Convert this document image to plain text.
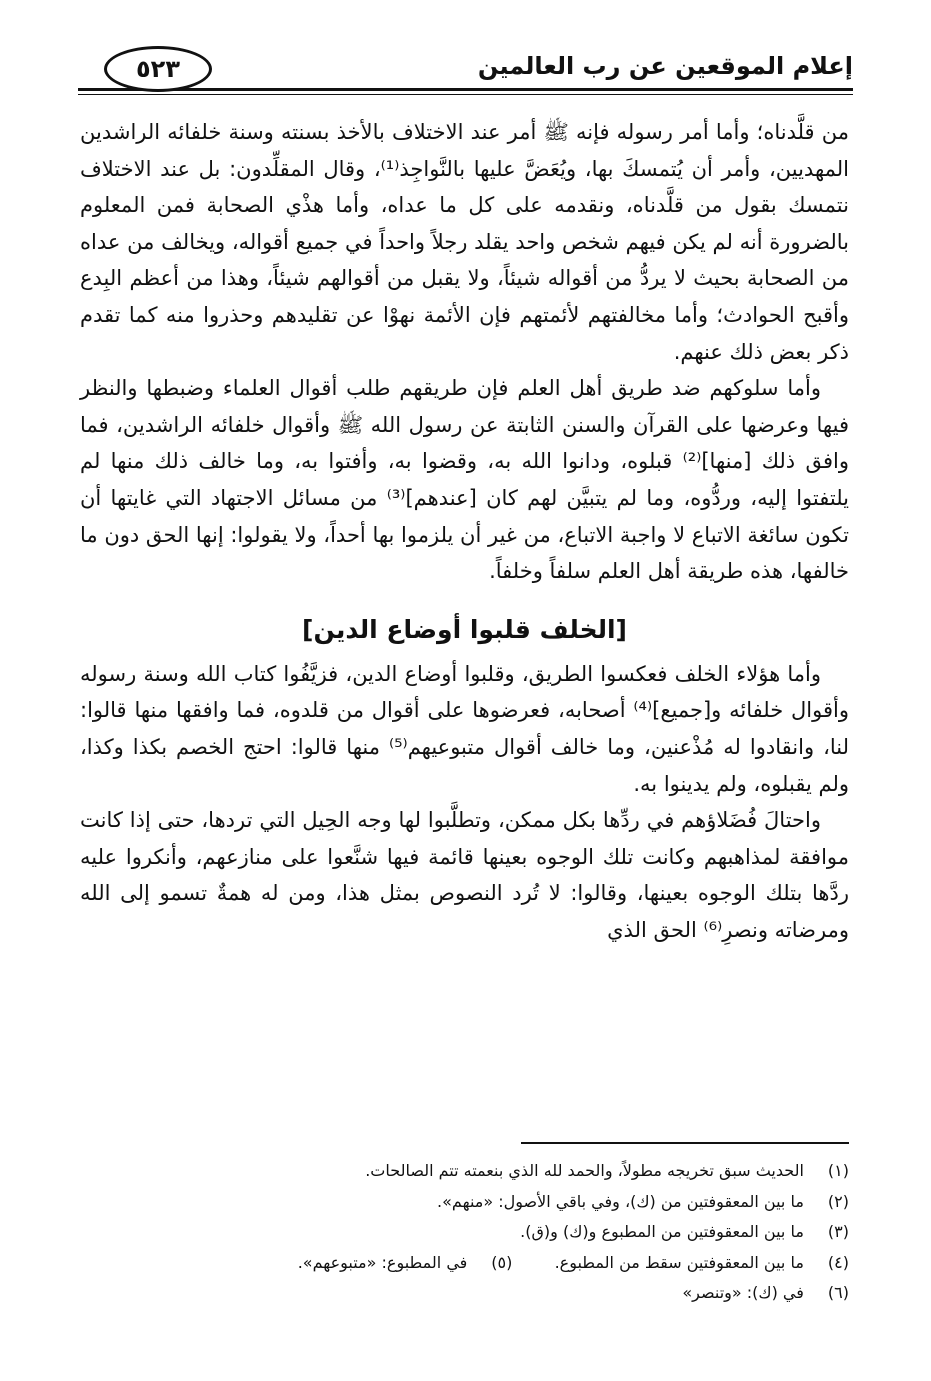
إعلام الموقعين عن رب العالمين
٥٢٣

من قلَّدناه؛ وأما أمر رسوله فإنه ﷺ أمر عند الاختلاف بالأخذ بسنته وسنة خلفائه الراشدين المهديين، وأمر أن يُتمسكَ بها، ويُعَضَّ عليها بالنَّواجِذ⁽¹⁾، وقال المقلِّدون: بل عند الاختلاف نتمسك بقول من قلَّدناه، ونقدمه على كل ما عداه، وأما هذْي الصحابة فمن المعلوم بالضرورة أنه لم يكن فيهم شخص واحد يقلد رجلاً واحداً في جميع أقواله، ويخالف من عداه من الصحابة بحيث لا يردُّ من أقواله شيئاً، ولا يقبل من أقوالهم شيئاً، وهذا من أعظم البِدع وأقبح الحوادث؛ وأما مخالفتهم لأئمتهم فإن الأئمة نهوْا عن تقليدهم وحذروا منه كما تقدم ذكر بعض ذلك عنهم.

وأما سلوكهم ضد طريق أهل العلم فإن طريقهم طلب أقوال العلماء وضبطها والنظر فيها وعرضها على القرآن والسنن الثابتة عن رسول الله ﷺ وأقوال خلفائه الراشدين، فما وافق ذلك [منها]⁽²⁾ قبلوه، ودانوا الله به، وقضوا به، وأفتوا به، وما خالف ذلك منها لم يلتفتوا إليه، وردُّوه، وما لم يتبيَّن لهم كان [عندهم]⁽³⁾ من مسائل الاجتهاد التي غايتها أن تكون سائغة الاتباع لا واجبة الاتباع، من غير أن يلزموا بها أحداً، ولا يقولوا: إنها الحق دون ما خالفها، هذه طريقة أهل العلم سلفاً وخلفاً.

[الخلف قلبوا أوضاع الدين]

وأما هؤلاء الخلف فعكسوا الطريق، وقلبوا أوضاع الدين، فزيَّفُوا كتاب الله وسنة رسوله وأقوال خلفائه و[جميع]⁽⁴⁾ أصحابه، فعرضوها على أقوال من قلدوه، فما وافقها منها قالوا: لنا، وانقادوا له مُذْعنين، وما خالف أقوال متبوعيهم⁽⁵⁾ منها قالوا: احتج الخصم بكذا وكذا، ولم يقبلوه، ولم يدينوا به.

واحتالَ فُضَلاؤهم في ردِّها بكل ممكن، وتطلَّبوا لها وجه الحِيل التي تردها، حتى إذا كانت موافقة لمذاهبهم وكانت تلك الوجوه بعينها قائمة فيها شنَّعوا على منازعهم، وأنكروا عليه ردَّها بتلك الوجوه بعينها، وقالوا: لا تُرد النصوص بمثل هذا، ومن له همةٌ تسمو إلى الله ومرضاته ونصرِ⁽⁶⁾ الحق الذي

(١) الحديث سبق تخريجه مطولاً، والحمد لله الذي بنعمته تتم الصالحات.
(٢) ما بين المعقوفتين من (ك)، وفي باقي الأصول: «منهم».
(٣) ما بين المعقوفتين من المطبوع و(ك) و(ق).
(٤) ما بين المعقوفتين سقط من المطبوع.  (٥) في المطبوع: «متبوعهم».
(٦) في (ك): «وتنصر»
